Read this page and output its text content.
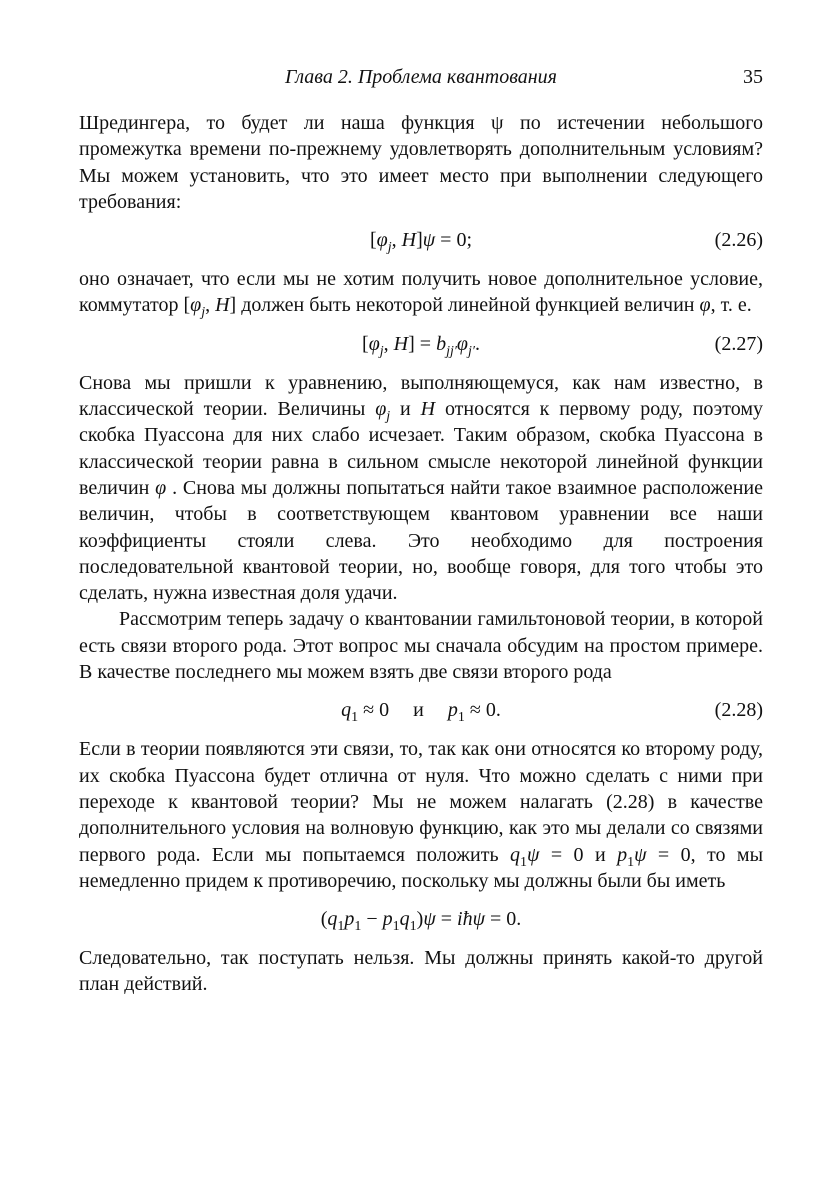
Глава 2. Проблема квантования	35

Шредингера, то будет ли наша функция ψ по истечении небольшого промежутка времени по-прежнему удовлетворять дополнительным условиям? Мы можем установить, что это имеет место при выполнении следующего требования:

[$\varphi_j$, H]ψ = 0;	(2.26)

оно означает, что если мы не хотим получить новое дополнительное условие, коммутатор [$\varphi_j$, H] должен быть некоторой линейной функцией величин φ, т. е.

[$\varphi_j$, $H] = b_{jj'}\varphi_{j'}$.	(2.27)

Снова мы пришли к уравнению, выполняющемуся, как нам известно, в классической теории. Величины $\varphi_j$ и H относятся к первому роду, поэтому скобка Пуассона для них слабо исчезает. Таким образом, скобка Пуассона в классической теории равна в сильном смысле некоторой линейной функции величин φ . Снова мы должны попытаться найти такое взаимное расположение величин, чтобы в соответствующем квантовом уравнении все наши коэффициенты стояли слева. Это необходимо для построения последовательной квантовой теории, но, вообще говоря, для того чтобы это сделать, нужна известная доля удачи.

Рассмотрим теперь задачу о квантовании гамильтоновой теории, в которой есть связи второго рода. Этот вопрос мы сначала обсудим на простом примере. В качестве последнего мы можем взять две связи второго рода

$q_1 \approx 0$ и $p_1 \approx 0$.	(2.28)

Если в теории появляются эти связи, то, так как они относятся ко второму роду, их скобка Пуассона будет отлична от нуля. Что можно сделать с ними при переходе к квантовой теории? Мы не можем налагать (2.28) в качестве дополнительного условия на волновую функцию, как это мы делали со связями первого рода. Если мы попытаемся положить $q_1\psi = 0$ и $p_1\psi = 0$, то мы немедленно придем к противоречию, поскольку мы должны были бы иметь

$(q_1p_1 - p_1q_1)\psi$ = iħψ = 0.

Следовательно, так поступать нельзя. Мы должны принять какой-то другой план действий.
